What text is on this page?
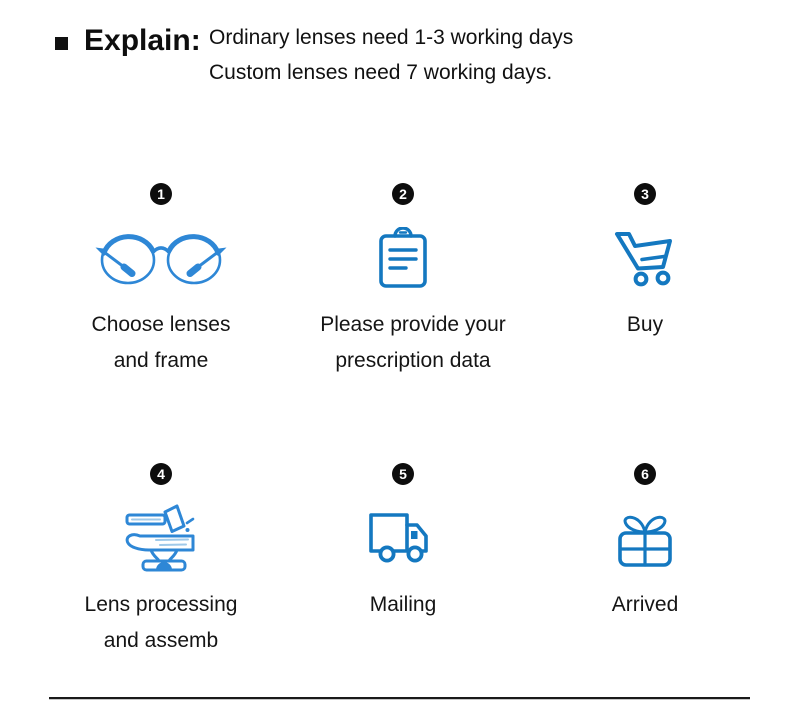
Explain: Ordinary lenses need 1-3 working days
Custom lenses need 7 working days.
1
Choose lenses
and frame
2
Please provide your
prescription data
3
Buy
4
Lens processing
and assemb
5
Mailing
6
Arrived
